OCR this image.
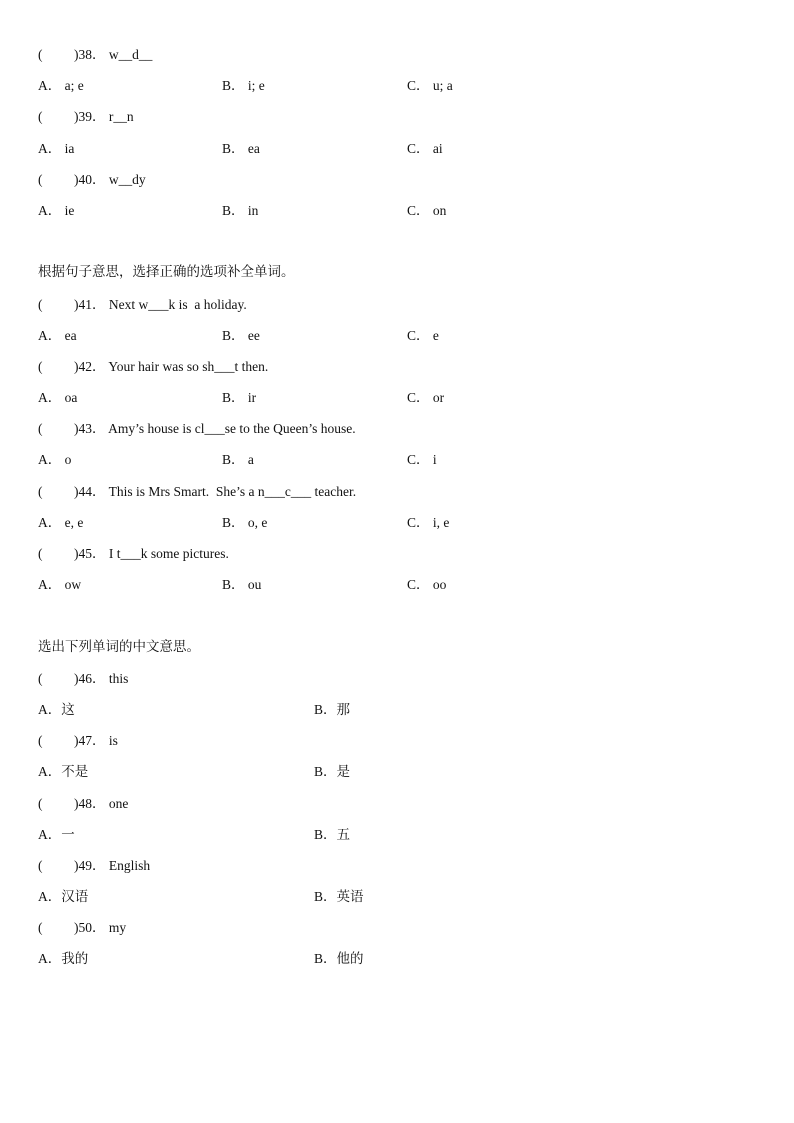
( )38． w__d__
A． a; e	B． i; e	C． u; a
( )39． r__n
A． ia	B． ea	C． ai
( )40． w__dy
A． ie	B． in	C． on
根据句子意思，选择正确的选项补全单词。
( )41． Next w___k is  a holiday.
A． ea	B． ee	C． e
( )42． Your hair was so sh___t then.
A． oa	B． ir	C． or
( )43． Amy’s house is cl___se to the Queen’s house.
A． o	B． a	C． i
( )44． This is Mrs Smart.  She’s a n___c___ teacher.
A． e, e	B． o, e	C． i, e
( )45． I t___k some pictures.
A． ow	B． ou	C． oo
选出下列单词的中文意思。
( )46． this
A．这	B．那
( )47． is
A．不是	B．是
( )48． one
A．一	B．五
( )49． English
A．汉语	B．英语
( )50． my
A．我的	B．他的
